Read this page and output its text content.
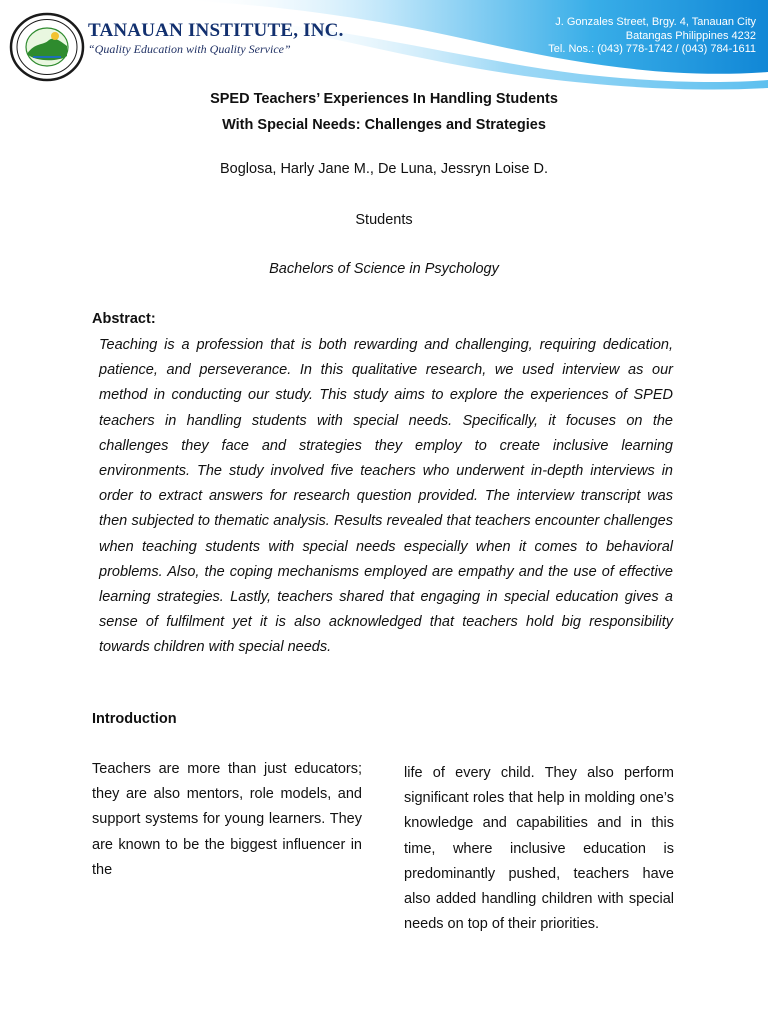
TANAUAN INSTITUTE, INC.
“Quality Education with Quality Service”
J. Gonzales Street, Brgy. 4, Tanauan City
Batangas Philippines 4232
Tel. Nos.: (043) 778-1742 / (043) 784-1611
SPED Teachers’ Experiences In Handling Students
With Special Needs: Challenges and Strategies
Boglosa, Harly Jane M., De Luna, Jessryn Loise D.
Students
Bachelors of Science in Psychology
Abstract:

Teaching is a profession that is both rewarding and challenging, requiring dedication, patience, and perseverance. In this qualitative research, we used interview as our method in conducting our study. This study aims to explore the experiences of SPED teachers in handling students with special needs. Specifically, it focuses on the challenges they face and strategies they employ to create inclusive learning environments. The study involved five teachers who underwent in-depth interviews in order to extract answers for research question provided. The interview transcript was then subjected to thematic analysis. Results revealed that teachers encounter challenges when teaching students with special needs especially when it comes to behavioral problems. Also, the coping mechanisms employed are empathy and the use of effective learning strategies. Lastly, teachers shared that engaging in special education gives a sense of fulfilment yet it is also acknowledged that teachers hold big responsibility towards children with special needs.

Introduction

Teachers are more than just educators; they are also mentors, role models, and support systems for young learners. They are known to be the biggest influencer in the

life of every child. They also perform significant roles that help in molding one’s knowledge and capabilities and in this time, where inclusive education is predominantly pushed, teachers have also added handling children with special needs on top of their priorities.
